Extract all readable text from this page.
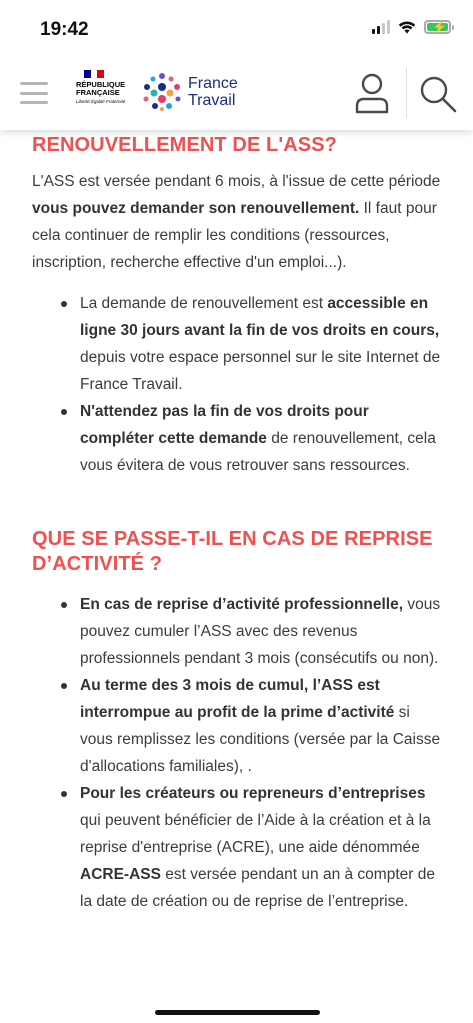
19:42	⚡
RÉPUBLIQUE
FRANÇAISE
Liberté Égalité Fraternité
France
Travail

RENOUVELLEMENT DE L'ASS?

L'ASS est versée pendant 6 mois, à l'issue de cette période vous pouvez demander son renouvellement. Il faut pour cela continuer de remplir les conditions (ressources, inscription, recherche effective d'un emploi...).

La demande de renouvellement est accessible en ligne 30 jours avant la fin de vos droits en cours, depuis votre espace personnel sur le site Internet de France Travail.
N'attendez pas la fin de vos droits pour compléter cette demande de renouvellement, cela vous évitera de vous retrouver sans ressources.
QUE SE PASSE-T-IL EN CAS DE REPRISE D’ACTIVITÉ ?
En cas de reprise d’activité professionnelle, vous pouvez cumuler l’ASS avec des revenus professionnels pendant 3 mois (consécutifs ou non).
Au terme des 3 mois de cumul, l’ASS est interrompue au profit de la prime d’activité si vous remplissez les conditions (versée par la Caisse d'allocations familiales), .
Pour les créateurs ou repreneurs d’entreprises qui peuvent bénéficier de l’Aide à la création et à la reprise d'entreprise (ACRE), une aide dénommée ACRE-ASS est versée pendant un an à compter de la date de création ou de reprise de l’entreprise.
